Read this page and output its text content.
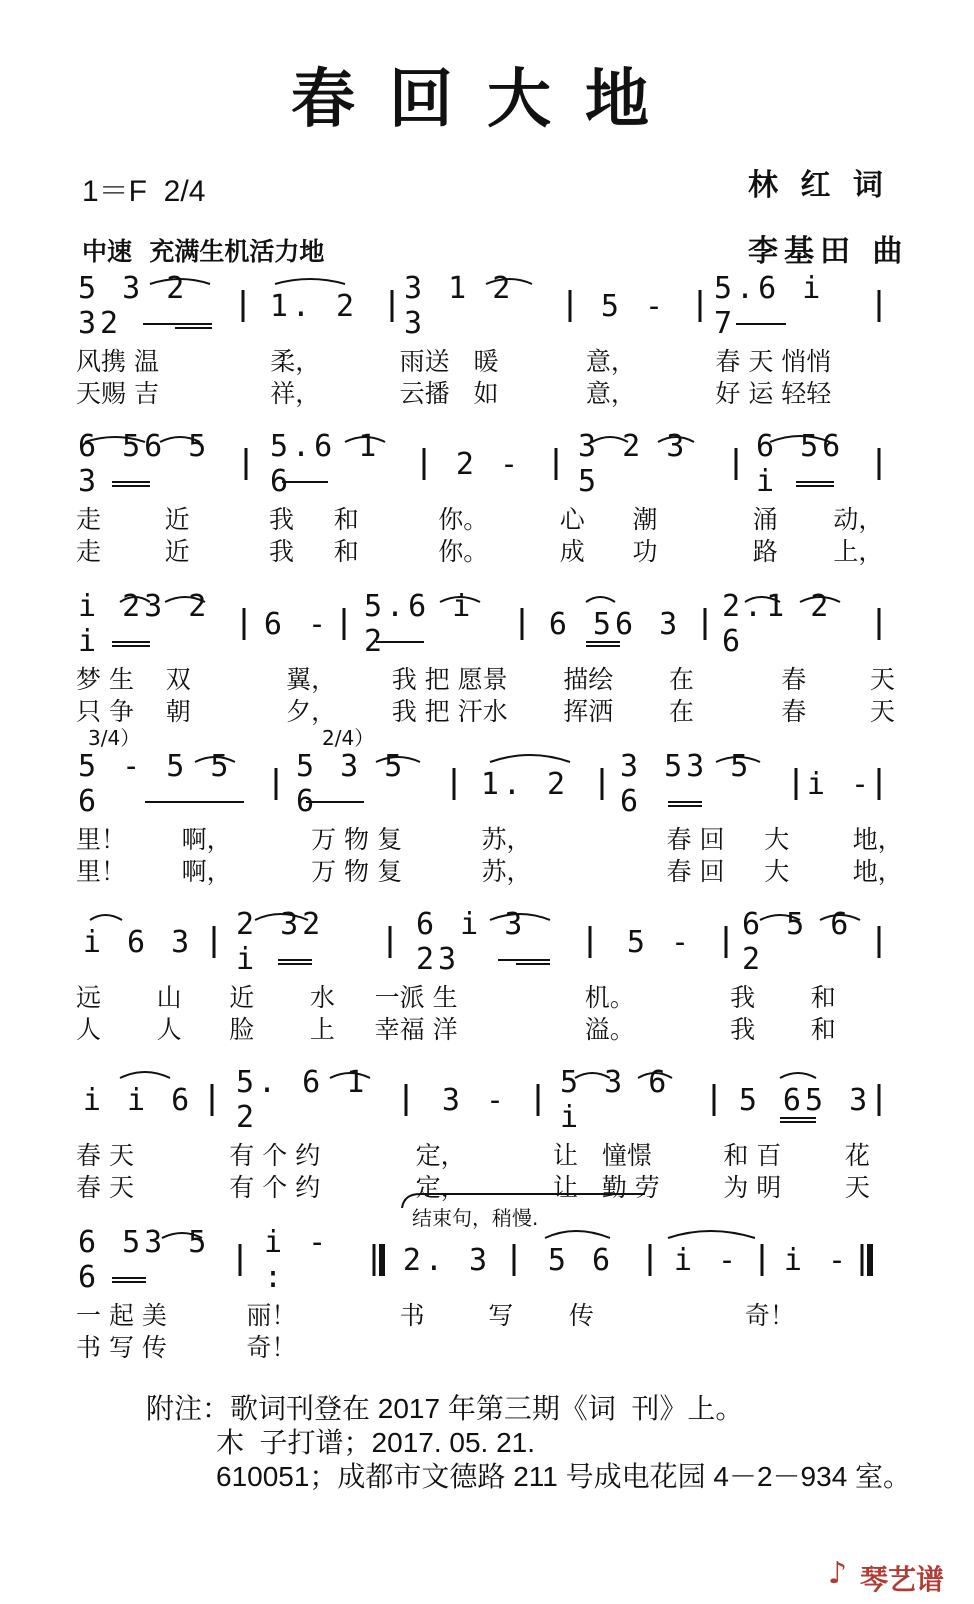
春回大地
1＝F  2/4
中速  充满生机活力地
林 红 词
李基田 曲
5 3 2 32	1. 2	3 1 2 3	5 -	5.6 i 7
风携 温              柔，          雨送   暖           意，          春 天 悄悄
天赐 吉              祥，          云播   如           意，          好 运 轻轻
6 56 5 3
5.6 1 6	2 -	3 2 3 5
6 56 i
走        近          我     和          你。         心      潮            涌       动，
走        近          我     和          你。         成      功            路       上，
i 23 2 i	6 - 5.6 i 2	6 56 3 2.1 2 6
梦 生    双            翼，       我 把 愿景       描绘       在           春        天
只 争    朝            夕，       我 把 汗水       挥洒       在           春        天
3/4）	2/4）
5 - 5 5 6
5 3 5 6	1. 2	3 53 5 6	i -
里！       啊，          万 物 复          苏，                 春 回     大        地，
里！       啊，          万 物 复          苏，                 春 回     大        地，
i 6 3 2 32 i
6 i 3 23	5 -	6 5 6 2
远       山      近       水     一派 生                机。            我       和
人       人      脸       上     幸福 洋                溢。            我       和
i i 6 5. 6 1 2	3 -	5 3 6 i	5 65 3
春 天            有 个 约            定，           让   憧憬         和 百        花
春 天            有 个 约            定，           让   勤 劳        为 明        天
结束句，稍慢.
6 53 5 6
i - :	2. 3	5 6	i -	i -
一 起 美          丽！             书        写       传                   奇！
书 写 传          奇！
附注：歌词刊登在 2017 年第三期《词  刊》上。
木  子打谱；2017. 05. 21.
610051；成都市文德路 211 号成电花园 4－2－934 室。
♪ 琴艺谱
